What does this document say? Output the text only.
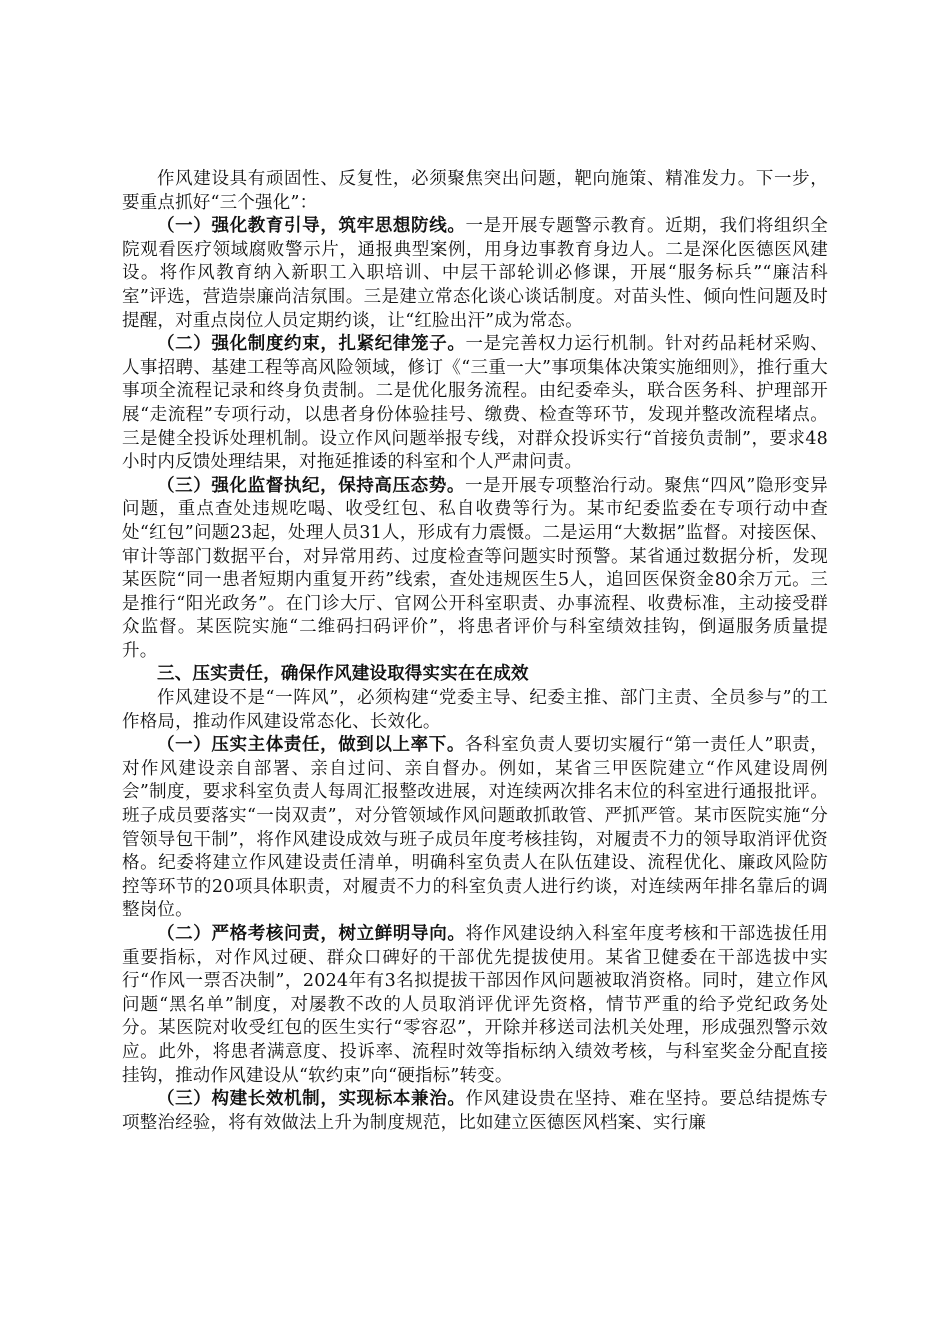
作风建设具有顽固性、反复性，必须聚焦突出问题，靶向施策、精准发力。下一步，要重点抓好“三个强化”：

（一）强化教育引导，筑牢思想防线。一是开展专题警示教育。近期，我们将组织全院观看医疗领域腐败警示片，通报典型案例，用身边事教育身边人。二是深化医德医风建设。将作风教育纳入新职工入职培训、中层干部轮训必修课，开展“服务标兵”“廉洁科室”评选，营造崇廉尚洁氛围。三是建立常态化谈心谈话制度。对苗头性、倾向性问题及时提醒，对重点岗位人员定期约谈，让“红脸出汗”成为常态。

（二）强化制度约束，扎紧纪律笼子。一是完善权力运行机制。针对药品耗材采购、人事招聘、基建工程等高风险领域，修订《“三重一大”事项集体决策实施细则》，推行重大事项全流程记录和终身负责制。二是优化服务流程。由纪委牵头，联合医务科、护理部开展“走流程”专项行动，以患者身份体验挂号、缴费、检查等环节，发现并整改流程堵点。三是健全投诉处理机制。设立作风问题举报专线，对群众投诉实行“首接负责制”，要求48小时内反馈处理结果，对拖延推诿的科室和个人严肃问责。

（三）强化监督执纪，保持高压态势。一是开展专项整治行动。聚焦“四风”隐形变异问题，重点查处违规吃喝、收受红包、私自收费等行为。某市纪委监委在专项行动中查处“红包”问题23起，处理人员31人，形成有力震慑。二是运用“大数据”监督。对接医保、审计等部门数据平台，对异常用药、过度检查等问题实时预警。某省通过数据分析，发现某医院“同一患者短期内重复开药”线索，查处违规医生5人，追回医保资金80余万元。三是推行“阳光政务”。在门诊大厅、官网公开科室职责、办事流程、收费标准，主动接受群众监督。某医院实施“二维码扫码评价”，将患者评价与科室绩效挂钩，倒逼服务质量提升。

三、压实责任，确保作风建设取得实实在在成效

作风建设不是“一阵风”，必须构建“党委主导、纪委主推、部门主责、全员参与”的工作格局，推动作风建设常态化、长效化。

（一）压实主体责任，做到以上率下。各科室负责人要切实履行“第一责任人”职责，对作风建设亲自部署、亲自过问、亲自督办。例如，某省三甲医院建立“作风建设周例会”制度，要求科室负责人每周汇报整改进展，对连续两次排名末位的科室进行通报批评。班子成员要落实“一岗双责”，对分管领域作风问题敢抓敢管、严抓严管。某市医院实施“分管领导包干制”，将作风建设成效与班子成员年度考核挂钩，对履责不力的领导取消评优资格。纪委将建立作风建设责任清单，明确科室负责人在队伍建设、流程优化、廉政风险防控等环节的20项具体职责，对履责不力的科室负责人进行约谈，对连续两年排名靠后的调整岗位。

（二）严格考核问责，树立鲜明导向。将作风建设纳入科室年度考核和干部选拔任用重要指标，对作风过硬、群众口碑好的干部优先提拔使用。某省卫健委在干部选拔中实行“作风一票否决制”，2024年有3名拟提拔干部因作风问题被取消资格。同时，建立作风问题“黑名单”制度，对屡教不改的人员取消评优评先资格，情节严重的给予党纪政务处分。某医院对收受红包的医生实行“零容忍”，开除并移送司法机关处理，形成强烈警示效应。此外，将患者满意度、投诉率、流程时效等指标纳入绩效考核，与科室奖金分配直接挂钩，推动作风建设从“软约束”向“硬指标”转变。

（三）构建长效机制，实现标本兼治。作风建设贵在坚持、难在坚持。要总结提炼专项整治经验，将有效做法上升为制度规范，比如建立医德医风档案、实行廉
